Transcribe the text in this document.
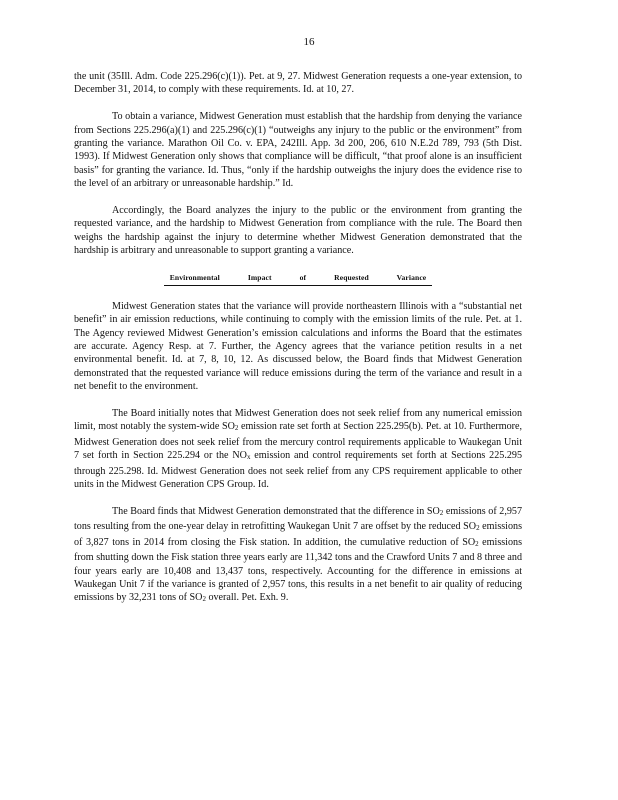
16

the unit (35Ill. Adm. Code 225.296(c)(1)). Pet. at 9, 27. Midwest Generation requests a one-year extension, to December 31, 2014, to comply with these requirements. Id. at 10, 27.

To obtain a variance, Midwest Generation must establish that the hardship from denying the variance from Sections 225.296(a)(1) and 225.296(c)(1) “outweighs any injury to the public or the environment” from granting the variance. Marathon Oil Co. v. EPA, 242Ill. App. 3d 200, 206, 610 N.E.2d 789, 793 (5th Dist. 1993). If Midwest Generation only shows that compliance will be difficult, “that proof alone is an insufficient basis” for granting the variance. Id. Thus, “only if the hardship outweighs the injury does the evidence rise to the level of an arbitrary or unreasonable hardship.” Id.

Accordingly, the Board analyzes the injury to the public or the environment from granting the requested variance, and the hardship to Midwest Generation from compliance with the rule. The Board then weighs the hardship against the injury to determine whether Midwest Generation demonstrated that the hardship is arbitrary and unreasonable to support granting a variance.

Environmental Impact of Requested Variance

Midwest Generation states that the variance will provide northeastern Illinois with a “substantial net benefit” in air emission reductions, while continuing to comply with the emission limits of the rule. Pet. at 1. The Agency reviewed Midwest Generation’s emission calculations and informs the Board that the estimates are accurate. Agency Resp. at 7. Further, the Agency agrees that the variance petition results in a net environmental benefit. Id. at 7, 8, 10, 12. As discussed below, the Board finds that Midwest Generation demonstrated that the requested variance will reduce emissions during the term of the variance and result in a net benefit to the environment.

The Board initially notes that Midwest Generation does not seek relief from any numerical emission limit, most notably the system-wide $SO_2$ emission rate set forth at Section 225.295(b). Pet. at 10. Furthermore, Midwest Generation does not seek relief from the mercury control requirements applicable to Waukegan Unit 7 set forth in Section 225.294 or the $NO_x$ emission and control requirements set forth at Sections 225.295 through 225.298. Id. Midwest Generation does not seek relief from any CPS requirement applicable to other units in the Midwest Generation CPS Group. Id.

The Board finds that Midwest Generation demonstrated that the difference in $SO_2$ emissions of 2,957 tons resulting from the one-year delay in retrofitting Waukegan Unit 7 are offset by the reduced $SO_2$ emissions of 3,827 tons in 2014 from closing the Fisk station. In addition, the cumulative reduction of $SO_2$ emissions from shutting down the Fisk station three years early are 11,342 tons and the Crawford Units 7 and 8 three and four years early are 10,408 and 13,437 tons, respectively. Accounting for the difference in emissions at Waukegan Unit 7 if the variance is granted of 2,957 tons, this results in a net benefit to air quality of reducing emissions by 32,231 tons of $SO_2$ overall. Pet. Exh. 9.
